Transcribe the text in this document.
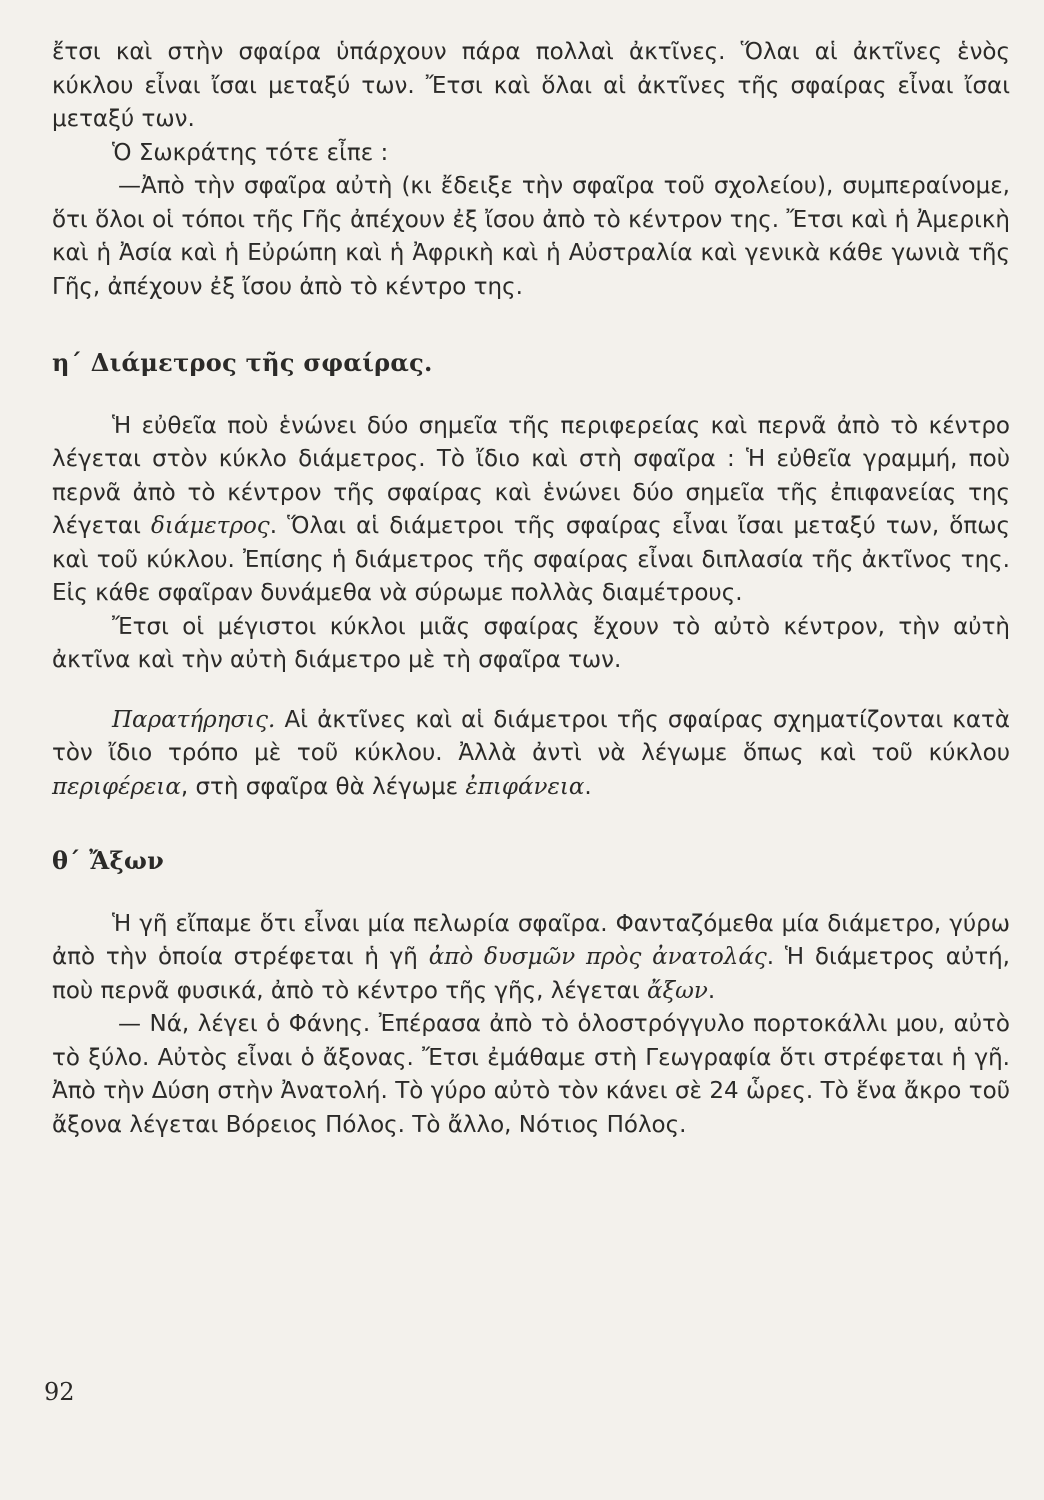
ἔτσι καὶ στὴν σφαίρα ὑπάρχουν πάρα πολλαὶ ἀκτῖνες. Ὅλαι αἱ ἀκτῖνες ἑνὸς κύκλου εἶναι ἴσαι μεταξύ των. Ἔτσι καὶ ὅλαι αἱ ἀκτῖνες τῆς σφαίρας εἶναι ἴσαι μεταξύ των.

Ὁ Σωκράτης τότε εἶπε :

—Ἀπὸ τὴν σφαῖρα αὐτὴ (κι ἔδειξε τὴν σφαῖρα τοῦ σχολείου), συμπεραίνομε, ὅτι ὅλοι οἱ τόποι τῆς Γῆς ἀπέχουν ἐξ ἴσου ἀπὸ τὸ κέντρον της. Ἔτσι καὶ ἡ Ἀμερικὴ καὶ ἡ Ἀσία καὶ ἡ Εὐρώπη καὶ ἡ Ἀφρικὴ καὶ ἡ Αὐστραλία καὶ γενικὰ κάθε γωνιὰ τῆς Γῆς, ἀπέχουν ἐξ ἴσου ἀπὸ τὸ κέντρο της.

η΄ Διάμετρος τῆς σφαίρας.

Ἡ εὐθεῖα ποὺ ἑνώνει δύο σημεῖα τῆς περιφερείας καὶ περνᾶ ἀπὸ τὸ κέντρο λέγεται στὸν κύκλο διάμετρος. Τὸ ἴδιο καὶ στὴ σφαῖρα : Ἡ εὐθεῖα γραμμή, ποὺ περνᾶ ἀπὸ τὸ κέντρον τῆς σφαίρας καὶ ἑνώνει δύο σημεῖα τῆς ἐπιφανείας της λέγεται διάμετρος. Ὅλαι αἱ διάμετροι τῆς σφαίρας εἶναι ἴσαι μεταξύ των, ὅπως καὶ τοῦ κύκλου. Ἐπίσης ἡ διάμετρος τῆς σφαίρας εἶναι διπλασία τῆς ἀκτῖνος της. Εἰς κάθε σφαῖραν δυνάμεθα νὰ σύρωμε πολλὰς διαμέτρους.

Ἔτσι οἱ μέγιστοι κύκλοι μιᾶς σφαίρας ἔχουν τὸ αὐτὸ κέντρον, τὴν αὐτὴ ἀκτῖνα καὶ τὴν αὐτὴ διάμετρο μὲ τὴ σφαῖρα των.

Παρατήρησις. Αἱ ἀκτῖνες καὶ αἱ διάμετροι τῆς σφαίρας σχηματίζονται κατὰ τὸν ἴδιο τρόπο μὲ τοῦ κύκλου. Ἀλλὰ ἀντὶ νὰ λέγωμε ὅπως καὶ τοῦ κύκλου περιφέρεια, στὴ σφαῖρα θὰ λέγωμε ἐπιφάνεια.

θ΄ Ἄξων

Ἡ γῆ εἴπαμε ὅτι εἶναι μία πελωρία σφαῖρα. Φανταζόμεθα μία διάμετρο, γύρω ἀπὸ τὴν ὁποία στρέφεται ἡ γῆ ἀπὸ δυσμῶν πρὸς ἀνατολάς. Ἡ διάμετρος αὐτή, ποὺ περνᾶ φυσικά, ἀπὸ τὸ κέντρο τῆς γῆς, λέγεται ἄξων.

— Νά, λέγει ὁ Φάνης. Ἐπέρασα ἀπὸ τὸ ὁλοστρόγγυλο πορτοκάλλι μου, αὐτὸ τὸ ξύλο. Αὐτὸς εἶναι ὁ ἄξονας. Ἔτσι ἐμάθαμε στὴ Γεωγραφία ὅτι στρέφεται ἡ γῆ. Ἀπὸ τὴν Δύση στὴν Ἀνατολή. Τὸ γύρο αὐτὸ τὸν κάνει σὲ 24 ὧρες. Τὸ ἕνα ἄκρο τοῦ ἄξονα λέγεται Βόρειος Πόλος. Τὸ ἄλλο, Νότιος Πόλος.

92
